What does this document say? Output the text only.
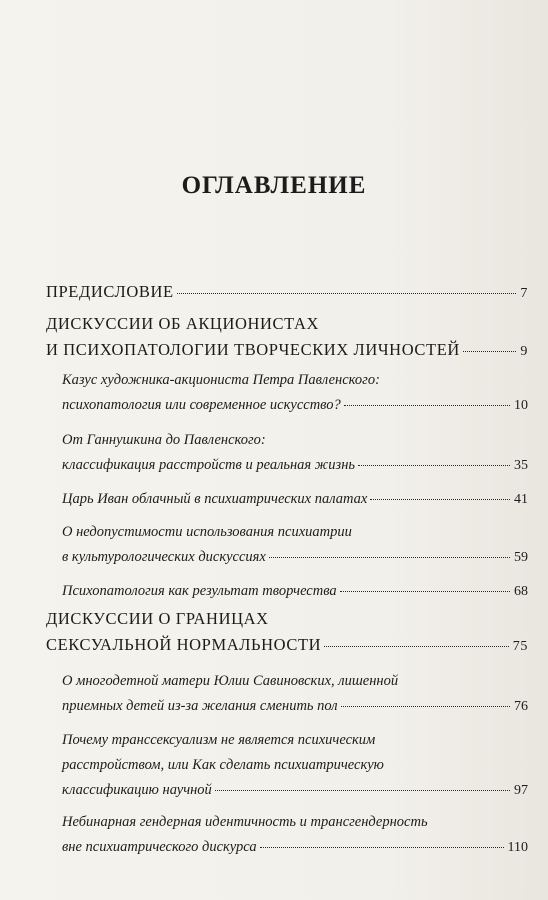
ОГЛАВЛЕНИЕ
ПРЕДИСЛОВИЕ	7
ДИСКУССИИ ОБ АКЦИОНИСТАХ
И ПСИХОПАТОЛОГИИ ТВОРЧЕСКИХ ЛИЧНОСТЕЙ	9
Казус художника-акциониста Петра Павленского:
психопатология или современное искусство?	10
От Ганнушкина до Павленского:
классификация расстройств и реальная жизнь	35
Царь Иван облачный в психиатрических палатах	41
О недопустимости использования психиатрии
в культурологических дискуссиях	59
Психопатология как результат творчества	68
ДИСКУССИИ О ГРАНИЦАХ
СЕКСУАЛЬНОЙ НОРМАЛЬНОСТИ	75
О многодетной матери Юлии Савиновских, лишенной
приемных детей из-за желания сменить пол	76
Почему транссексуализм не является психическим
расстройством, или Как сделать психиатрическую
классификацию научной	97
Небинарная гендерная идентичность и трансгендерность
вне психиатрического дискурса	110
